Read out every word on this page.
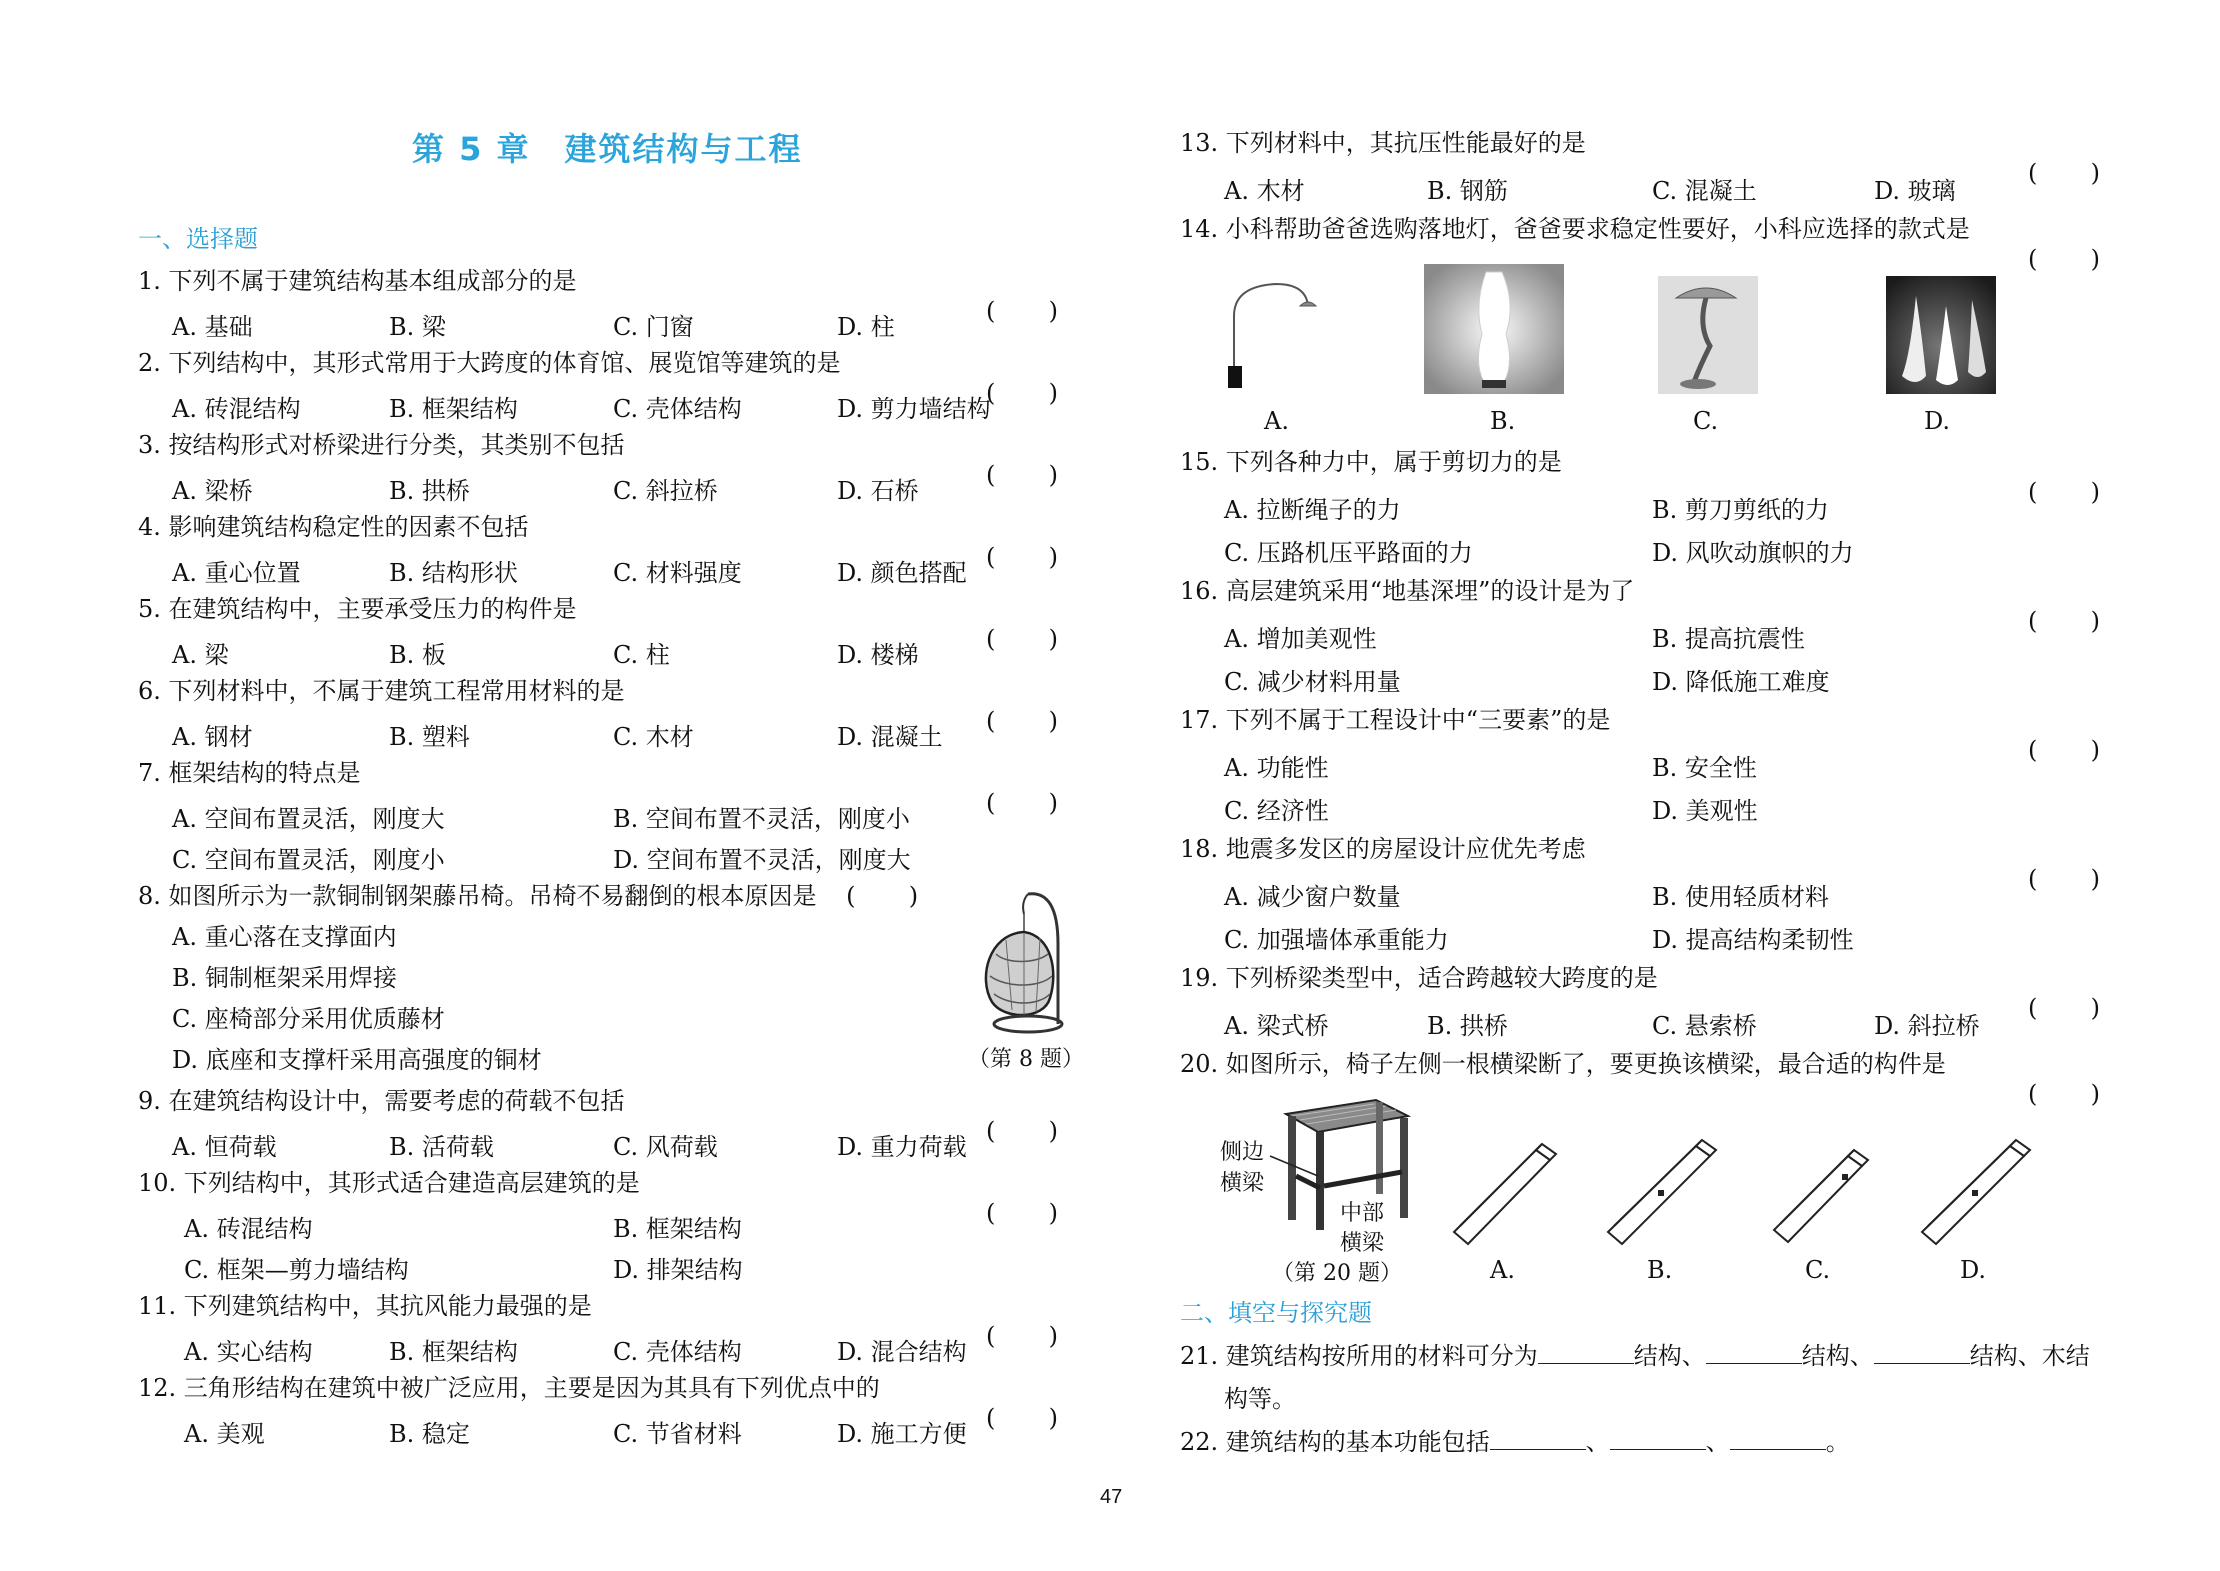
第 5 章　建筑结构与工程
一、选择题
1. 下列不属于建筑结构基本组成部分的是
( )
A. 基础	B. 梁	C. 门窗	D. 柱
2. 下列结构中，其形式常用于大跨度的体育馆、展览馆等建筑的是
( )
A. 砖混结构	B. 框架结构	C. 壳体结构	D. 剪力墙结构
3. 按结构形式对桥梁进行分类，其类别不包括
( )
A. 梁桥	B. 拱桥	C. 斜拉桥	D. 石桥
4. 影响建筑结构稳定性的因素不包括
( )
A. 重心位置	B. 结构形状	C. 材料强度	D. 颜色搭配
5. 在建筑结构中，主要承受压力的构件是
( )
A. 梁	B. 板	C. 柱	D. 楼梯
6. 下列材料中，不属于建筑工程常用材料的是
( )
A. 钢材	B. 塑料	C. 木材	D. 混凝土
7. 框架结构的特点是
( )
A. 空间布置灵活，刚度大	B. 空间布置不灵活，刚度小
C. 空间布置灵活，刚度小	D. 空间布置不灵活，刚度大
8. 如图所示为一款铜制钢架藤吊椅。吊椅不易翻倒的根本原因是 ( )
A. 重心落在支撑面内
B. 铜制框架采用焊接
C. 座椅部分采用优质藤材
D. 底座和支撑杆采用高强度的铜材	（第 8 题）
9. 在建筑结构设计中，需要考虑的荷载不包括
( )
A. 恒荷载	B. 活荷载	C. 风荷载	D. 重力荷载
10. 下列结构中，其形式适合建造高层建筑的是
( )
A. 砖混结构	B. 框架结构
C. 框架—剪力墙结构	D. 排架结构
11. 下列建筑结构中，其抗风能力最强的是
( )
A. 实心结构	B. 框架结构	C. 壳体结构	D. 混合结构
12. 三角形结构在建筑中被广泛应用，主要是因为其具有下列优点中的
( )
A. 美观	B. 稳定	C. 节省材料	D. 施工方便
13. 下列材料中，其抗压性能最好的是
( )
A. 木材	B. 钢筋	C. 混凝土	D. 玻璃
14. 小科帮助爸爸选购落地灯，爸爸要求稳定性要好，小科应选择的款式是
( )
A.	B.	C.	D.
15. 下列各种力中，属于剪切力的是
( )
A. 拉断绳子的力	B. 剪刀剪纸的力
C. 压路机压平路面的力	D. 风吹动旗帜的力
16. 高层建筑采用“地基深埋”的设计是为了
( )
A. 增加美观性	B. 提高抗震性
C. 减少材料用量	D. 降低施工难度
17. 下列不属于工程设计中“三要素”的是
( )
A. 功能性	B. 安全性
C. 经济性	D. 美观性
18. 地震多发区的房屋设计应优先考虑
( )
A. 减少窗户数量	B. 使用轻质材料
C. 加强墙体承重能力	D. 提高结构柔韧性
19. 下列桥梁类型中，适合跨越较大跨度的是
( )
A. 梁式桥	B. 拱桥	C. 悬索桥	D. 斜拉桥
20. 如图所示，椅子左侧一根横梁断了，要更换该横梁，最合适的构件是
( )
侧边
横梁
中部
横梁
（第 20 题）	A.	B.	C.	D.
二、填空与探究题
21. 建筑结构按所用的材料可分为	结构、	结构、	结构、木结
构等。
22. 建筑结构的基本功能包括	、	、	。
47
